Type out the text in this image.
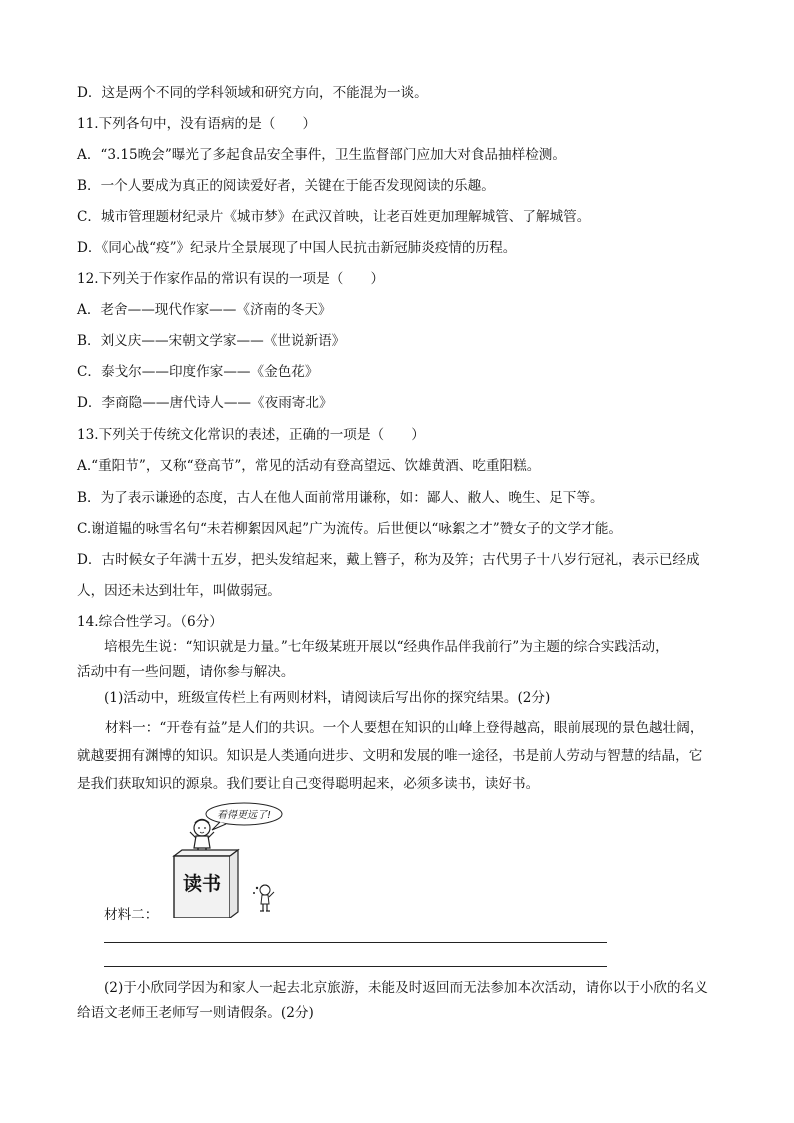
D．这是两个不同的学科领域和研究方向，不能混为一谈。
11.下列各句中，没有语病的是（　　）
A．“3.15晚会”曝光了多起食品安全事件，卫生监督部门应加大对食品抽样检测。
B．一个人要成为真正的阅读爱好者，关键在于能否发现阅读的乐趣。
C．城市管理题材纪录片《城市梦》在武汉首映，让老百姓更加理解城管、了解城管。
D．《同心战“疫”》纪录片全景展现了中国人民抗击新冠肺炎疫情的历程。
12.下列关于作家作品的常识有误的一项是（　　）
A．老舍——现代作家——《济南的冬天》
B．刘义庆——宋朝文学家——《世说新语》
C．泰戈尔——印度作家——《金色花》
D．李商隐——唐代诗人——《夜雨寄北》
13.下列关于传统文化常识的表述，正确的一项是（　　）
A.“重阳节”，又称“登高节”，常见的活动有登高望远、饮雄黄酒、吃重阳糕。
B．为了表示谦逊的态度，古人在他人面前常用谦称，如：鄙人、敝人、晚生、足下等。
C.谢道韫的咏雪名句“未若柳絮因风起”广为流传。后世便以“咏絮之才”赞女子的文学才能。
D．古时候女子年满十五岁，把头发绾起来，戴上簪子，称为及笄；古代男子十八岁行冠礼，表示已经成
人，因还未达到壮年，叫做弱冠。
14.综合性学习。（6分）
培根先生说：“知识就是力量。”七年级某班开展以“经典作品伴我前行”为主题的综合实践活动，
活动中有一些问题，请你参与解决。
(1)活动中，班级宣传栏上有两则材料，请阅读后写出你的探究结果。(2分)
材料一：“开卷有益”是人们的共识。一个人要想在知识的山峰上登得越高，眼前展现的景色越壮阔，
就越要拥有渊博的知识。知识是人类通向进步、文明和发展的唯一途径，书是前人劳动与智慧的结晶，它
是我们获取知识的源泉。我们要让自己变得聪明起来，必须多读书，读好书。
看得更远了!
读书
材料二：
(2)于小欣同学因为和家人一起去北京旅游，未能及时返回而无法参加本次活动，请你以于小欣的名义
给语文老师王老师写一则请假条。(2分)
